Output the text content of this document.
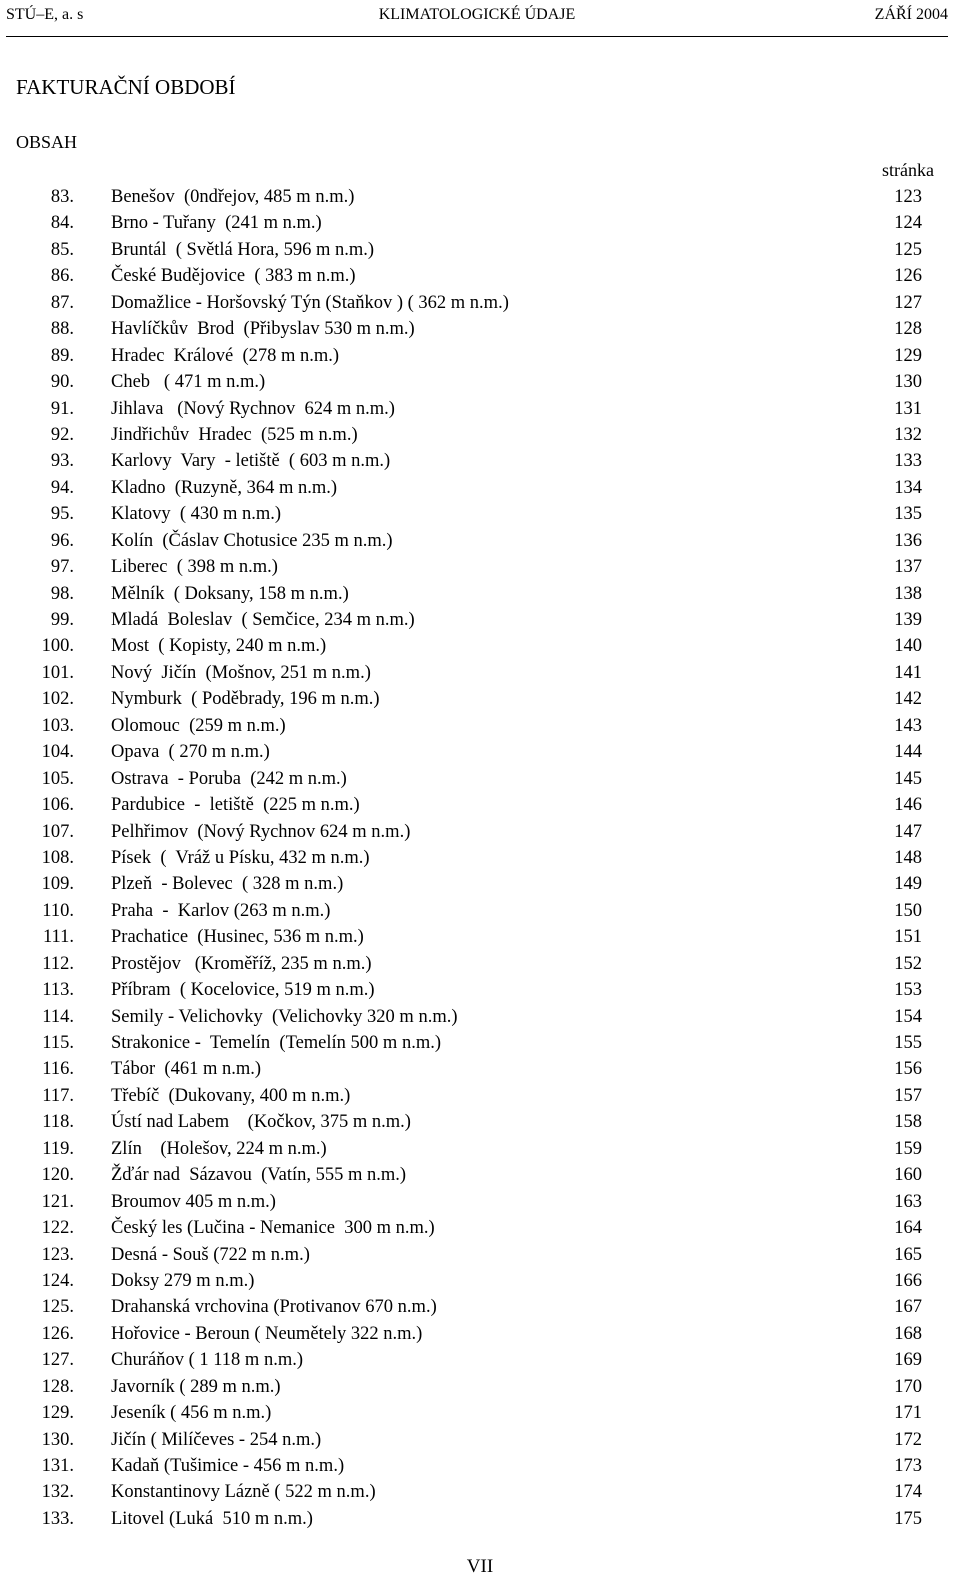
STÚ–E, a. s	KLIMATOLOGICKÉ ÚDAJE	ZÁŘÍ 2004
FAKTURAČNÍ OBDOBÍ
OBSAH
stránka
83. Benešov  (0ndřejov, 485 m n.m.)	123
84. Brno - Tuřany  (241 m n.m.)	124
85. Bruntál  ( Světlá Hora, 596 m n.m.)	125
86. České Budějovice  ( 383 m n.m.)	126
87. Domažlice - Horšovský Týn (Staňkov ) ( 362 m n.m.)	127
88. Havlíčkův  Brod  (Přibyslav 530 m n.m.)	128
89. Hradec  Králové  (278 m n.m.)	129
90. Cheb   ( 471 m n.m.)	130
91. Jihlava   (Nový Rychnov  624 m n.m.)	131
92. Jindřichův  Hradec  (525 m n.m.)	132
93. Karlovy  Vary  - letiště  ( 603 m n.m.)	133
94. Kladno  (Ruzyně, 364 m n.m.)	134
95. Klatovy  ( 430 m n.m.)	135
96. Kolín  (Čáslav Chotusice 235 m n.m.)	136
97. Liberec  ( 398 m n.m.)	137
98. Mělník  ( Doksany, 158 m n.m.)	138
99. Mladá  Boleslav  ( Semčice, 234 m n.m.)	139
100. Most  ( Kopisty, 240 m n.m.)	140
101. Nový  Jičín  (Mošnov, 251 m n.m.)	141
102. Nymburk  ( Poděbrady, 196 m n.m.)	142
103. Olomouc  (259 m n.m.)	143
104. Opava  ( 270 m n.m.)	144
105. Ostrava  - Poruba  (242 m n.m.)	145
106. Pardubice  -  letiště  (225 m n.m.)	146
107. Pelhřimov  (Nový Rychnov 624 m n.m.)	147
108. Písek  (  Vráž u Písku, 432 m n.m.)	148
109. Plzeň  - Bolevec  ( 328 m n.m.)	149
110. Praha  -  Karlov (263 m n.m.)	150
111. Prachatice  (Husinec, 536 m n.m.)	151
112. Prostějov   (Kroměříž, 235 m n.m.)	152
113. Příbram  ( Kocelovice, 519 m n.m.)	153
114. Semily - Velichovky  (Velichovky 320 m n.m.)	154
115. Strakonice -  Temelín  (Temelín 500 m n.m.)	155
116. Tábor  (461 m n.m.)	156
117. Třebíč  (Dukovany, 400 m n.m.)	157
118. Ústí nad Labem    (Kočkov, 375 m n.m.)	158
119. Zlín    (Holešov, 224 m n.m.)	159
120. Žďár nad  Sázavou  (Vatín, 555 m n.m.)	160
121. Broumov 405 m n.m.)	163
122. Český les (Lučina - Nemanice  300 m n.m.)	164
123. Desná - Souš (722 m n.m.)	165
124. Doksy 279 m n.m.)	166
125. Drahanská vrchovina (Protivanov 670 n.m.)	167
126. Hořovice - Beroun ( Neumětely 322 n.m.)	168
127. Churáňov ( 1 118 m n.m.)	169
128. Javorník ( 289 m n.m.)	170
129. Jeseník ( 456 m n.m.)	171
130. Jičín ( Milíčeves - 254 n.m.)	172
131. Kadaň (Tušimice - 456 m n.m.)	173
132. Konstantinovy Lázně ( 522 m n.m.)	174
133. Litovel (Luká  510 m n.m.)	175
VII
